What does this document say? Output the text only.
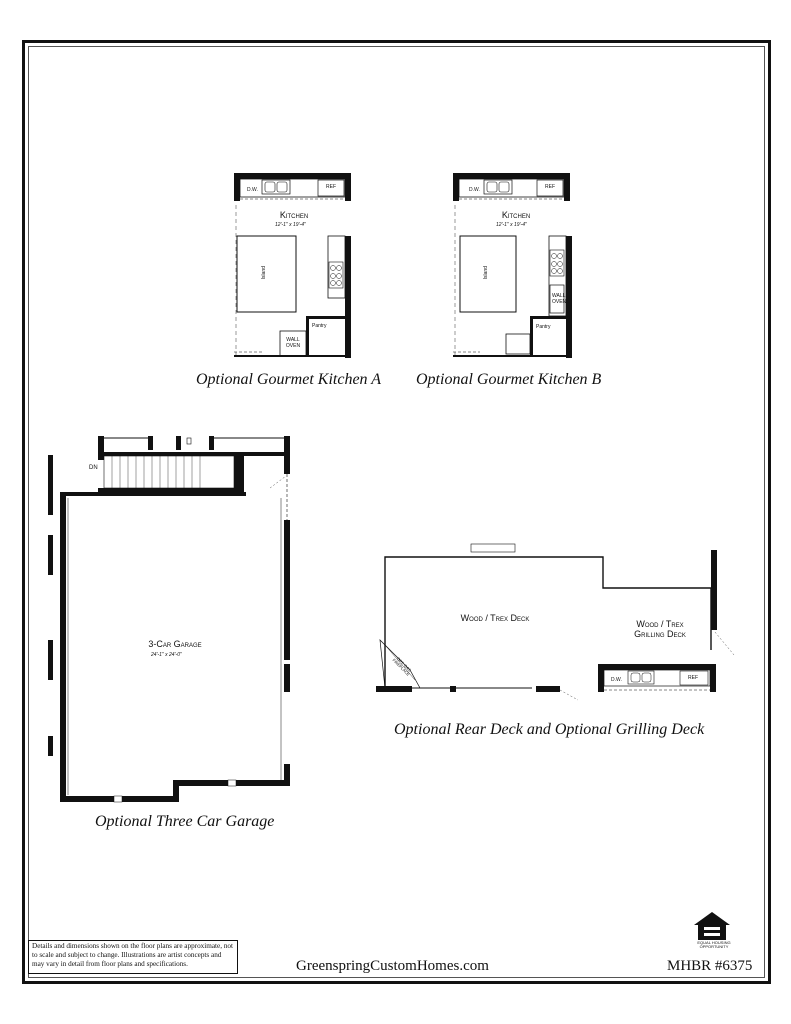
Kitchen
12'-1" x 19'-4"
Island
D.W.	REF
Pantry
WALL OVEN
Optional Gourmet Kitchen A
Kitchen
12'-1" x 19'-4"
Island
D.W.	REF
Pantry
WALL OVEN
Optional Gourmet Kitchen B
3-Car Garage
24'-1" x 24'-0"
DN
Optional Three Car Garage
Wood / Trex Deck
Wood / Trex Grilling Deck
OPT. GAS FIREPLACE
D.W.	REF
Optional Rear Deck and Optional Grilling Deck
Details and dimensions shown on the floor plans are approximate, not to scale and subject to change. Illustrations are artist concepts and may vary in detail from floor plans and specifications.	GreenspringCustomHomes.com	MHBR #6375
EQUAL HOUSING OPPORTUNITY
